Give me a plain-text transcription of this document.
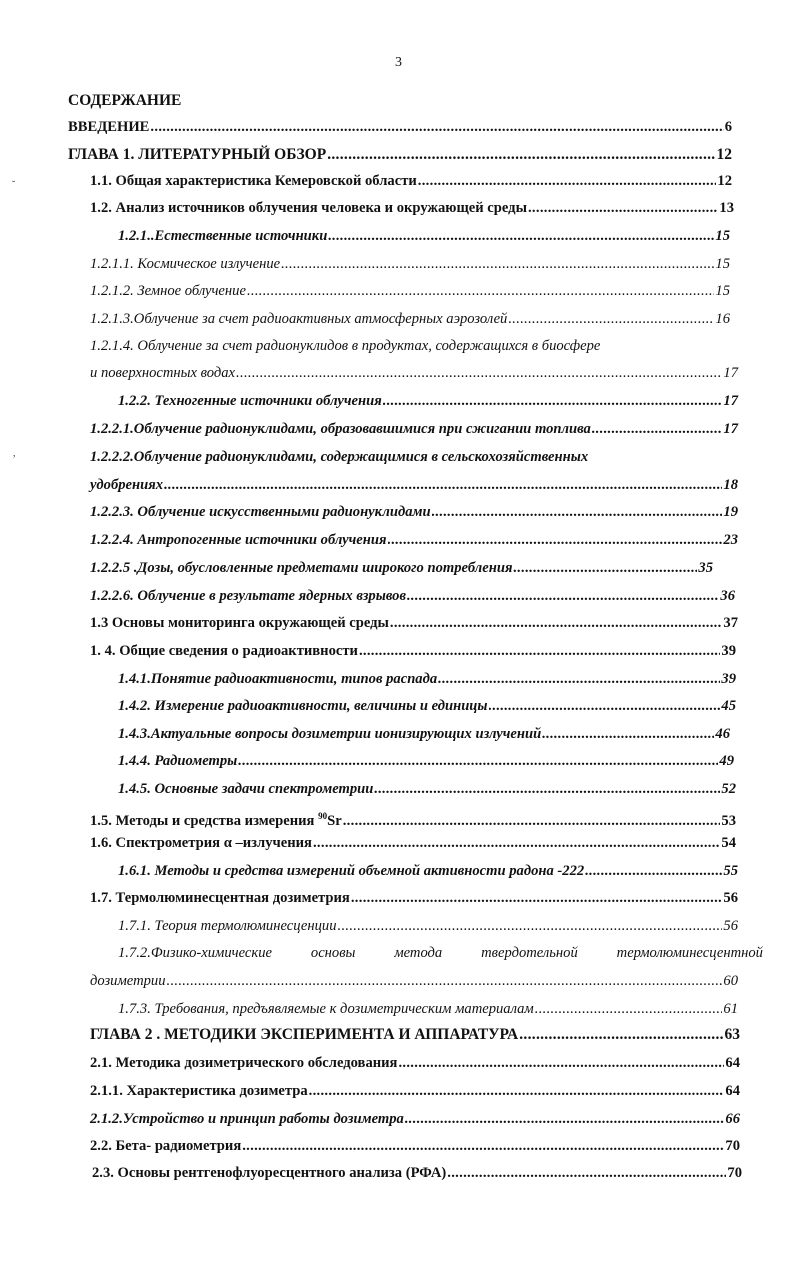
3
˘
,
СОДЕРЖАНИЕ
ВВЕДЕНИЕ .....	6
ГЛАВА 1. ЛИТЕРАТУРНЫЙ ОБЗОР .....	12
1.1. Общая характеристика Кемеровской области .....	12
1.2. Анализ источников облучения человека и окружающей среды .....	13
1.2.1..Естественные источники .....	15
1.2.1.1. Космическое излучение .....	15
1.2.1.2. Земное облучение .....	15
1.2.1.3.Облучение за счет радиоактивных атмосферных аэрозолей .....	16
1.2.1.4. Облучение за счет радионуклидов в продуктах, содержащихся в биосфере
и поверхностных водах .....	17
1.2.2. Техногенные источники облучения .....	17
1.2.2.1.Облучение радионуклидами, образовавшимися при сжигании топлива .....	17
1.2.2.2.Облучение радионуклидами, содержащимися в сельскохозяйственных
удобрениях .....	18
1.2.2.3. Облучение искусственными радионуклидами .....	19
1.2.2.4. Антропогенные источники облучения .....	23
1.2.2.5 .Дозы, обусловленные предметами широкого потребления .....	35
1.2.2.6. Облучение в результате ядерных взрывов .....	36
1.3 Основы мониторинга окружающей среды .....	37
1. 4. Общие сведения о радиоактивности .....	39
1.4.1.Понятие радиоактивности, типов распада .....	39
1.4.2. Измерение радиоактивности, величины и единицы .....	45
1.4.3.Актуальные вопросы дозиметрии ионизирующих излучений .....	46
1.4.4. Радиометры .....	49
1.4.5. Основные задачи спектрометрии .....	52
1.5. Методы и средства измерения $^{90}$Sr .....	53
1.6. Спектрометрия α –излучения .....	54
1.6.1. Методы и средства измерений объемной активности радона -222 .....	55
1.7. Термолюминесцентная дозиметрия .....	56
1.7.1. Теория термолюминесценции .....	56
1.7.2.Физико-химические	основы	метода	твердотельной	термолюминесцентной
дозиметрии .....	60
1.7.3. Требования, предъявляемые к дозиметрическим материалам .....	61
ГЛАВА 2 . МЕТОДИКИ ЭКСПЕРИМЕНТА И АППАРАТУРА .....	63
2.1. Методика дозиметрического обследования .....	64
2.1.1. Характеристика дозиметра .....	64
2.1.2.Устройство и принцип работы дозиметра .....	66
2.2. Бета- радиометрия .....	70
2.3. Основы рентгенофлуоресцентного анализа (РФА) .....	70
